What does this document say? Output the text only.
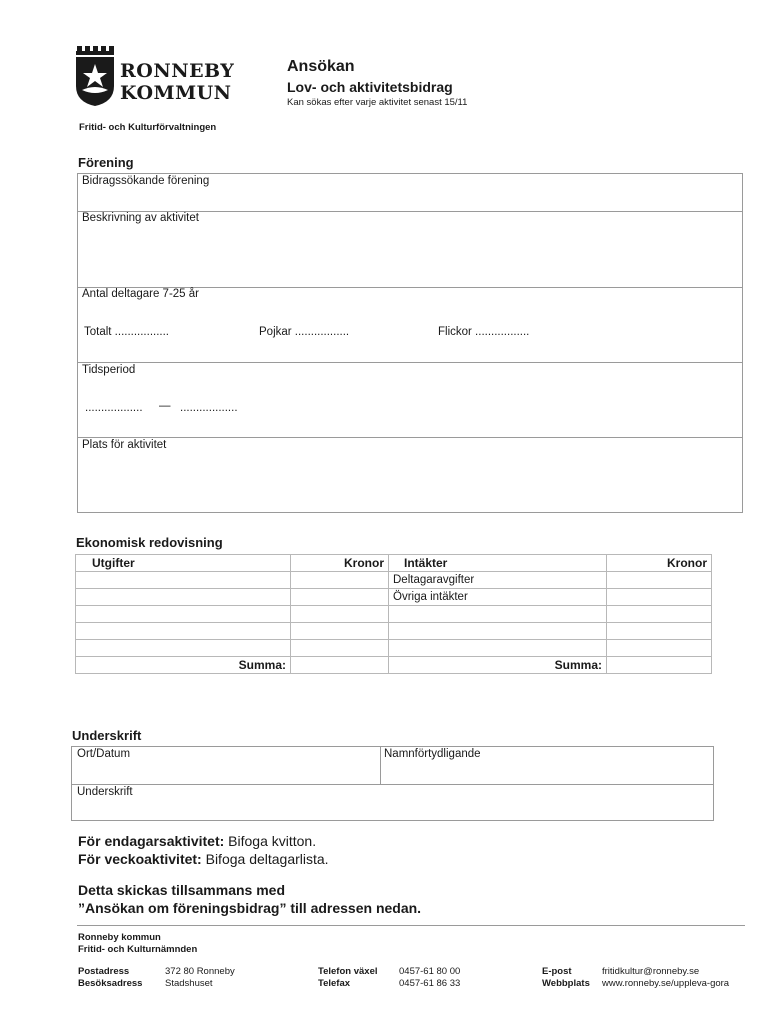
RONNEBY
KOMMUN
Fritid- och Kulturförvaltningen
Ansökan
Lov- och aktivitetsbidrag
Kan sökas efter varje aktivitet senast 15/11
Förening
Bidragssökande förening
Beskrivning av aktivitet
Antal deltagare 7-25 år
Totalt .................	Pojkar .................	Flickor .................
Tidsperiod
.................. — ..................
Plats för aktivitet
Ekonomisk redovisning
Utgifter	Kronor	Intäkter	Kronor
		Deltagaravgifter	
		Övriga intäkter	

Summa:		Summa:	
Underskrift
Ort/Datum	Namnförtydligande
Underskrift
För endagarsaktivitet: Bifoga kvitton.
För veckoaktivitet: Bifoga deltagarlista.
Detta skickas tillsammans med
”Ansökan om föreningsbidrag” till adressen nedan.
Ronneby kommun
Fritid- och Kulturnämnden
Postadress	372 80 Ronneby
Besöksadress Stadshuset
Telefon växel 0457-61 80 00
Telefax	0457-61 86 33
E-post	fritidkultur@ronneby.se
Webbplats www.ronneby.se/uppleva-gora
